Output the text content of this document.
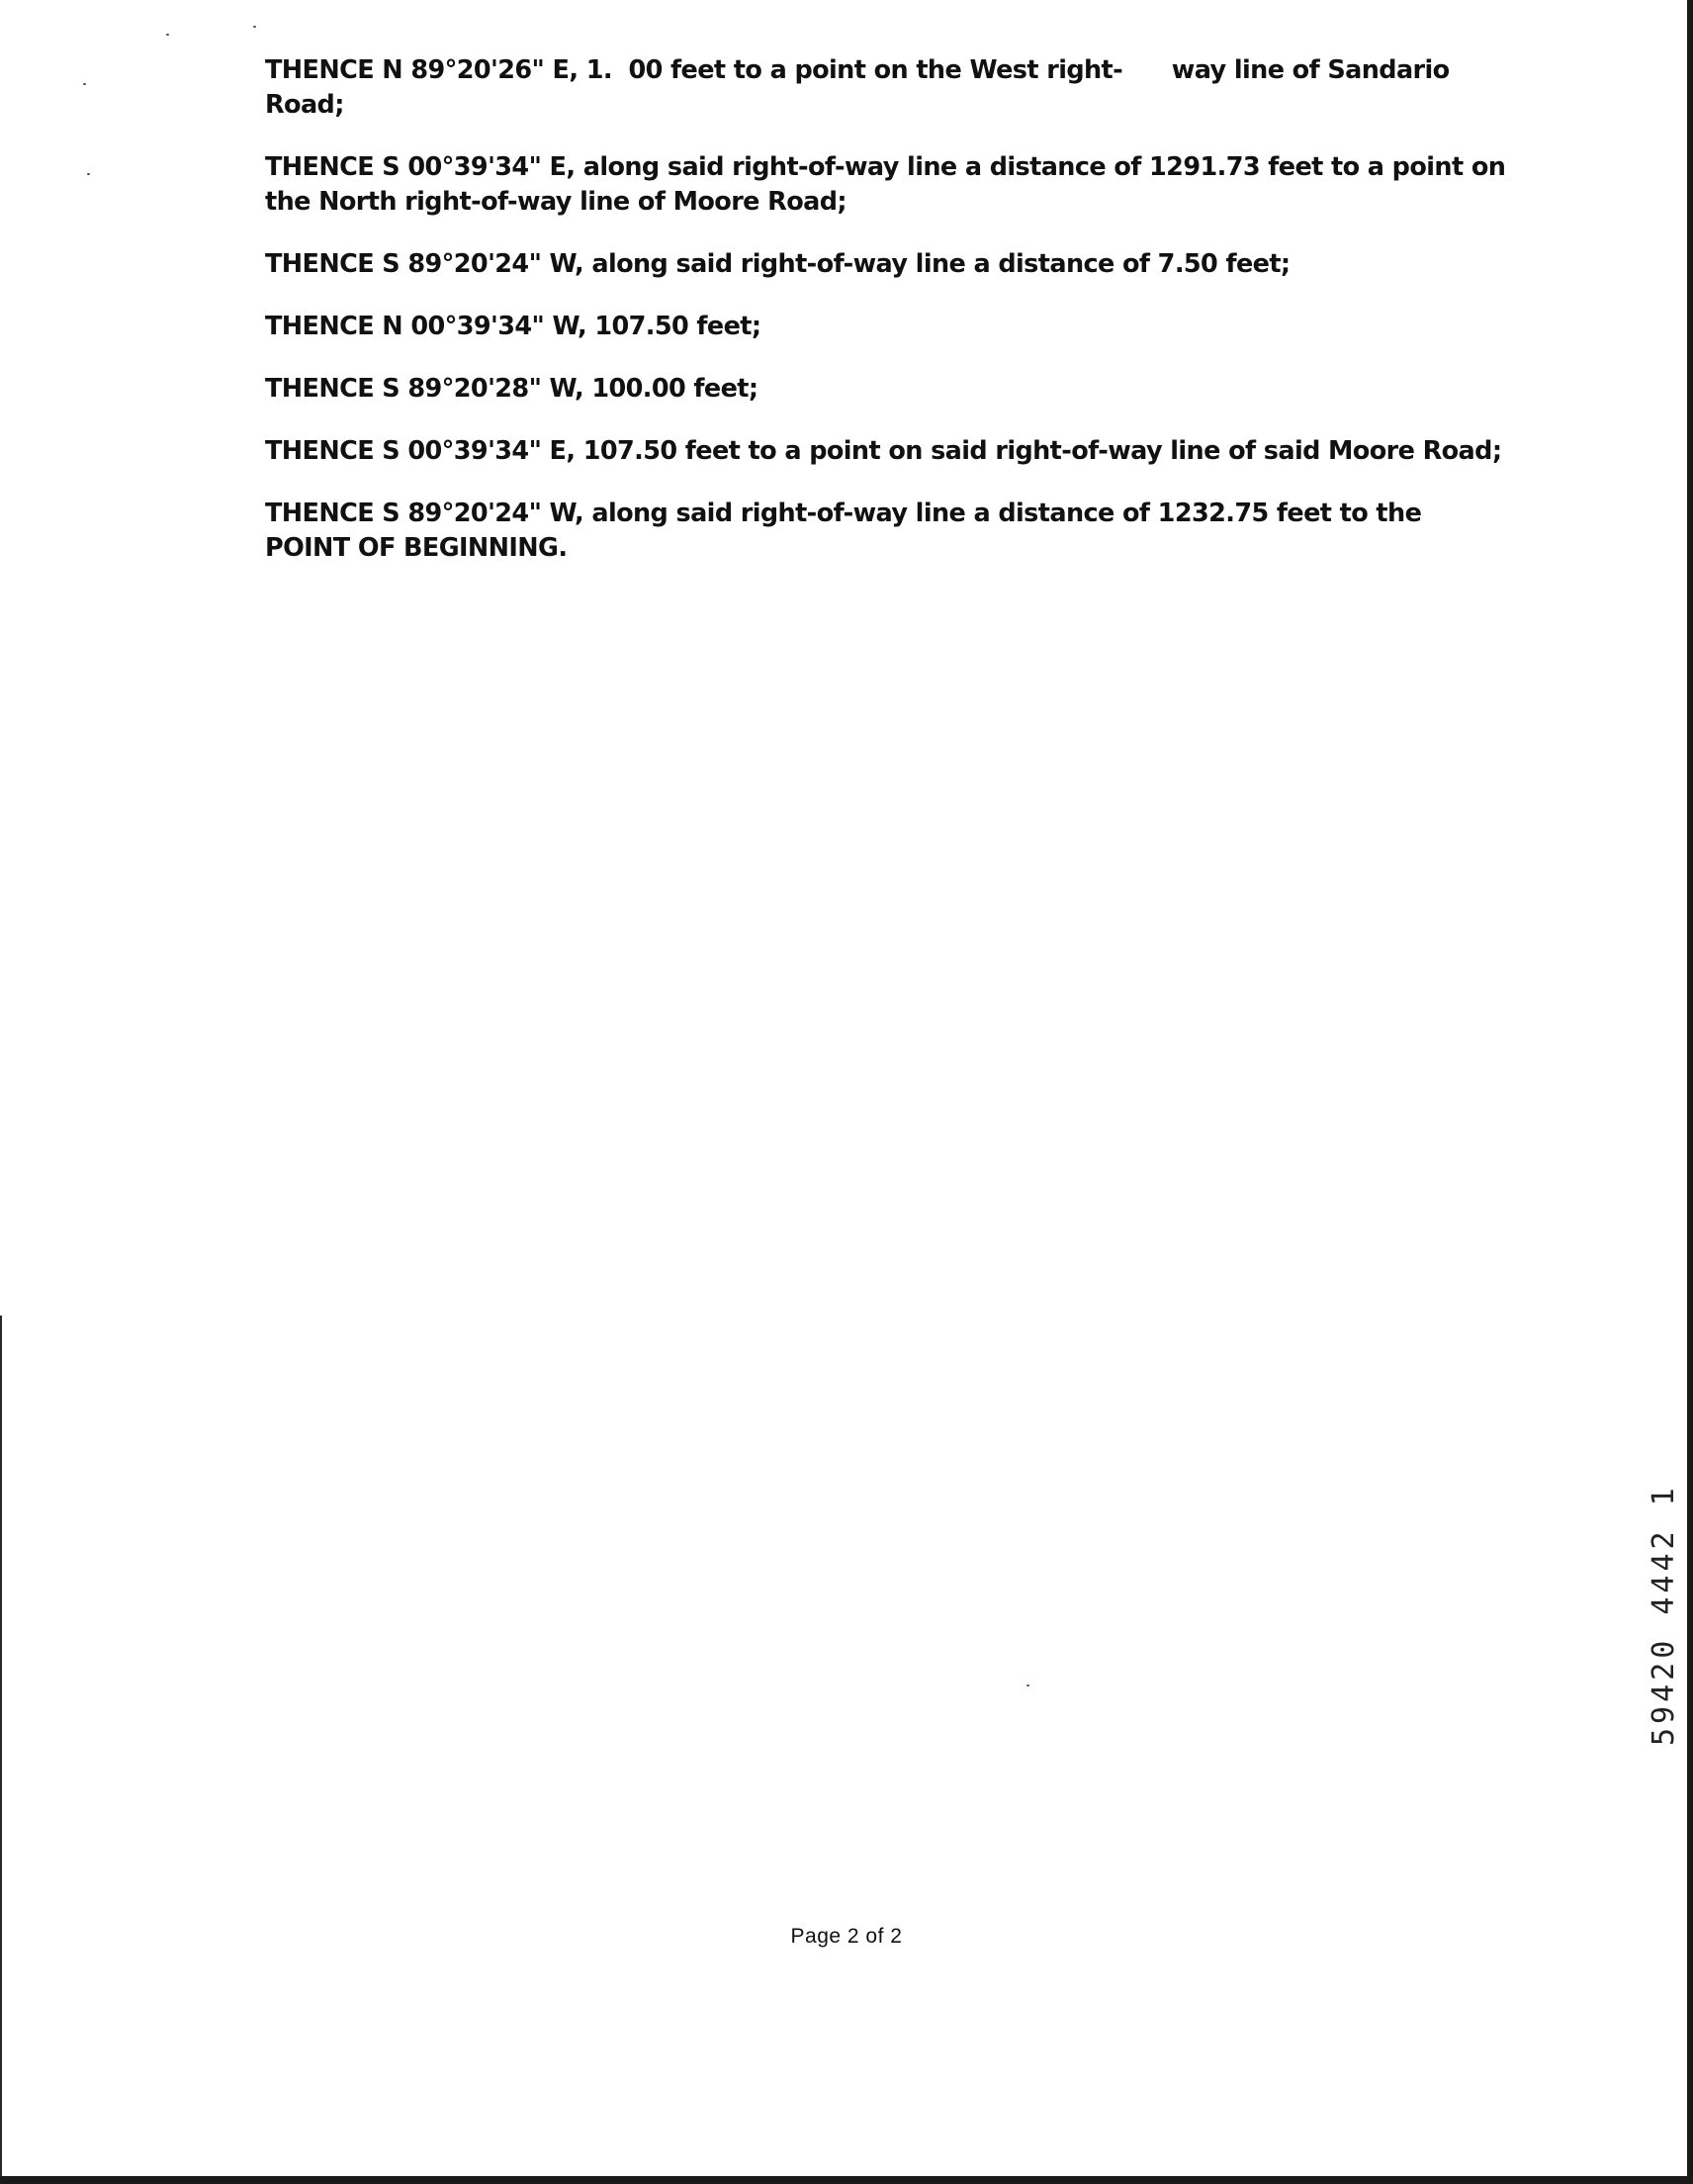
THENCE N 89°20'26" E, 1.  00 feet to a point on the West right-      way line of Sandario Road;

THENCE S 00°39'34" E, along said right-of-way line a distance of 1291.73 feet to a point on the North right-of-way line of Moore Road;

THENCE S 89°20'24" W, along said right-of-way line a distance of 7.50 feet;

THENCE N 00°39'34" W, 107.50 feet;

THENCE S 89°20'28" W, 100.00 feet;

THENCE S 00°39'34" E, 107.50 feet to a point on said right-of-way line of said Moore Road;

THENCE S 89°20'24" W, along said right-of-way line a distance of 1232.75 feet to the POINT OF BEGINNING.

Page 2 of 2
59420 4442 1
